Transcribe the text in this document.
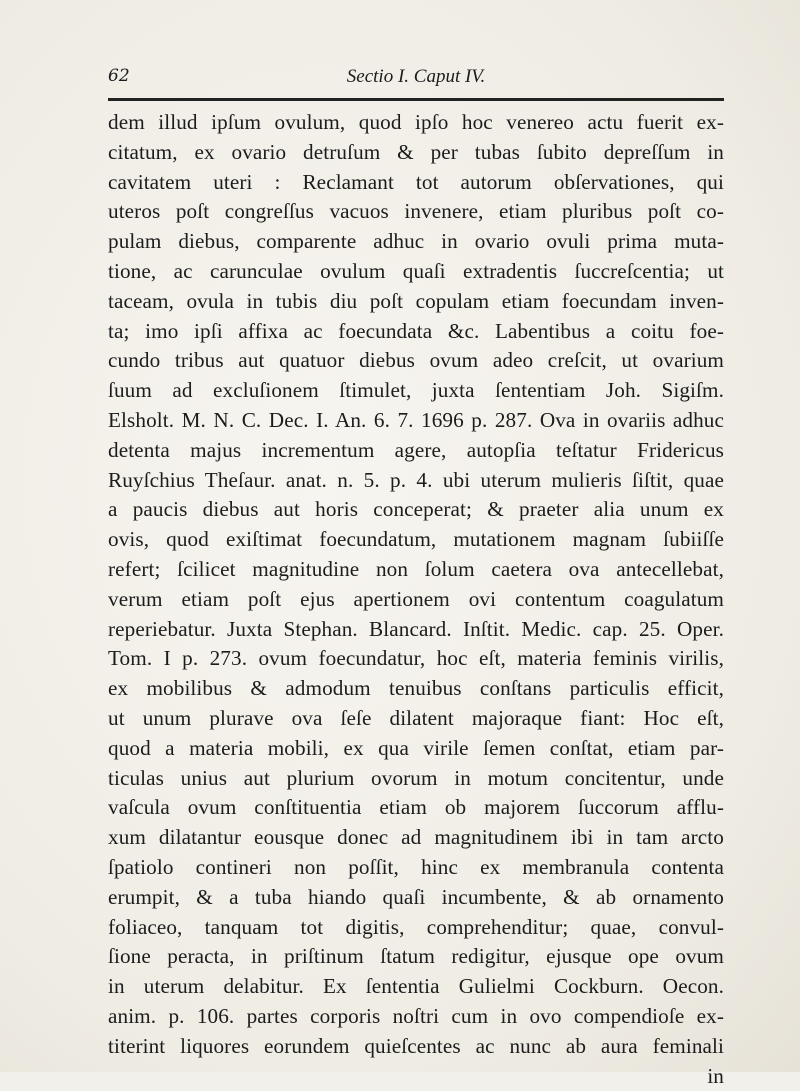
62	Sectio I. Caput IV.
dem illud ipſum ovulum, quod ipſo hoc venereo actu fuerit ex-
citatum, ex ovario detruſum & per tubas ſubito depreſſum in
cavitatem uteri : Reclamant tot autorum obſervationes, qui
uteros poſt congreſſus vacuos invenere, etiam pluribus poſt co-
pulam diebus, comparente adhuc in ovario ovuli prima muta-
tione, ac carunculae ovulum quaſi extradentis ſuccreſcentia; ut
taceam, ovula in tubis diu poſt copulam etiam foecundam inven-
ta; imo ipſi affixa ac foecundata &c. Labentibus a coitu foe-
cundo tribus aut quatuor diebus ovum adeo creſcit, ut ovarium
ſuum ad excluſionem ſtimulet, juxta ſententiam Joh. Sigiſm.
Elsholt. M. N. C. Dec. I. An. 6. 7. 1696 p. 287. Ova in ovariis adhuc
detenta majus incrementum agere, autopſia teſtatur Fridericus
Ruyſchius Theſaur. anat. n. 5. p. 4. ubi uterum mulieris ſiſtit, quae
a paucis diebus aut horis conceperat; & praeter alia unum ex
ovis, quod exiſtimat foecundatum, mutationem magnam ſubiiſſe
refert; ſcilicet magnitudine non ſolum caetera ova antecellebat,
verum etiam poſt ejus apertionem ovi contentum coagulatum
reperiebatur. Juxta Stephan. Blancard. Inſtit. Medic. cap. 25. Oper.
Tom. I p. 273. ovum foecundatur, hoc eſt, materia feminis virilis,
ex mobilibus & admodum tenuibus conſtans particulis efficit,
ut unum plurave ova ſeſe dilatent majoraque fiant: Hoc eſt,
quod a materia mobili, ex qua virile ſemen conſtat, etiam par-
ticulas unius aut plurium ovorum in motum concitentur, unde
vaſcula ovum conſtituentia etiam ob majorem ſuccorum afflu-
xum dilatantur eousque donec ad magnitudinem ibi in tam arcto
ſpatiolo contineri non poſſit, hinc ex membranula contenta
erumpit, & a tuba hiando quaſi incumbente, & ab ornamento
foliaceo, tanquam tot digitis, comprehenditur; quae, convul-
ſione peracta, in priſtinum ſtatum redigitur, ejusque ope ovum
in uterum delabitur. Ex ſententia Gulielmi Cockburn. Oecon.
anim. p. 106. partes corporis noſtri cum in ovo compendioſe ex-
titerint liquores eorundem quieſcentes ac nunc ab aura feminali
in
